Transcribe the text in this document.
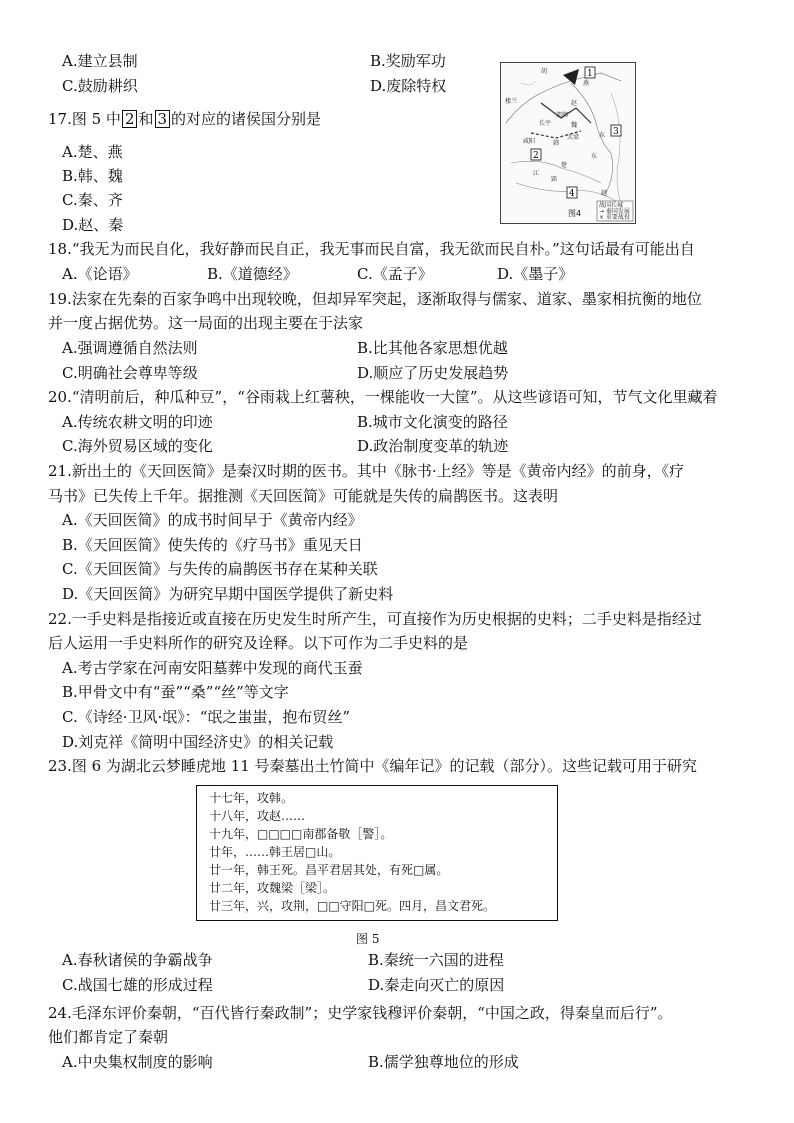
A.建立县制	B.奖励军功
C.鼓励耕织	D.废除特权
胡
燕
赵
邯郸
长平	魏
大梁
韩
咸阳
楚
郢
越
江
东
东
楼兰
1
2
3
4
战国长城
→ 秦国发展
× 重要战役
图4
17.图 5 中 2 和 3 的对应的诸侯国分别是
A.楚、燕
B.韩、魏
C.秦、齐
D.赵、秦
18.“我无为而民自化，我好静而民自正，我无事而民自富，我无欲而民自朴。”这句话最有可能出自
A.《论语》	B.《道德经》	C.《孟子》	D.《墨子》
19.法家在先秦的百家争鸣中出现较晚，但却异军突起，逐渐取得与儒家、道家、墨家相抗衡的地位
并一度占据优势。这一局面的出现主要在于法家
A.强调遵循自然法则	B.比其他各家思想优越
C.明确社会尊卑等级	D.顺应了历史发展趋势
20.“清明前后，种瓜种豆”，“谷雨栽上红薯秧，一棵能收一大筐”。从这些谚语可知，节气文化里藏着
A.传统农耕文明的印迹	B.城市文化演变的路径
C.海外贸易区域的变化	D.政治制度变革的轨迹
21.新出土的《天回医简》是秦汉时期的医书。其中《脉书·上经》等是《黄帝内经》的前身，《疗
马书》已失传上千年。据推测《天回医简》可能就是失传的扁鹊医书。这表明
A.《天回医简》的成书时间早于《黄帝内经》
B.《天回医简》使失传的《疗马书》重见天日
C.《天回医简》与失传的扁鹊医书存在某种关联
D.《天回医简》为研究早期中国医学提供了新史料
22.一手史料是指接近或直接在历史发生时所产生，可直接作为历史根据的史料；二手史料是指经过
后人运用一手史料所作的研究及诠释。以下可作为二手史料的是
A.考古学家在河南安阳墓葬中发现的商代玉蚕
B.甲骨文中有“蚕”“桑”“丝”等文字
C.《诗经·卫风·氓》：“氓之蚩蚩，抱布贸丝”
D.刘克祥《简明中国经济史》的相关记载
23.图 6 为湖北云梦睡虎地 11 号秦墓出土竹简中《编年记》的记载（部分）。这些记载可用于研究
十七年，攻韩。
十八年，攻赵……
十九年，□□□□南郡备敬［警］。
廿年，……韩王居□山。
廿一年，韩王死。昌平君居其处，有死□属。
廿二年，攻魏梁［梁］。
廿三年，兴，攻荆，□□守阳□死。四月，昌文君死。
图 5
A.春秋诸侯的争霸战争	B.秦统一六国的进程
C.战国七雄的形成过程	D.秦走向灭亡的原因
24.毛泽东评价秦朝，“百代皆行秦政制”；史学家钱穆评价秦朝，“中国之政，得秦皇而后行”。
他们都肯定了秦朝
A.中央集权制度的影响	B.儒学独尊地位的形成
